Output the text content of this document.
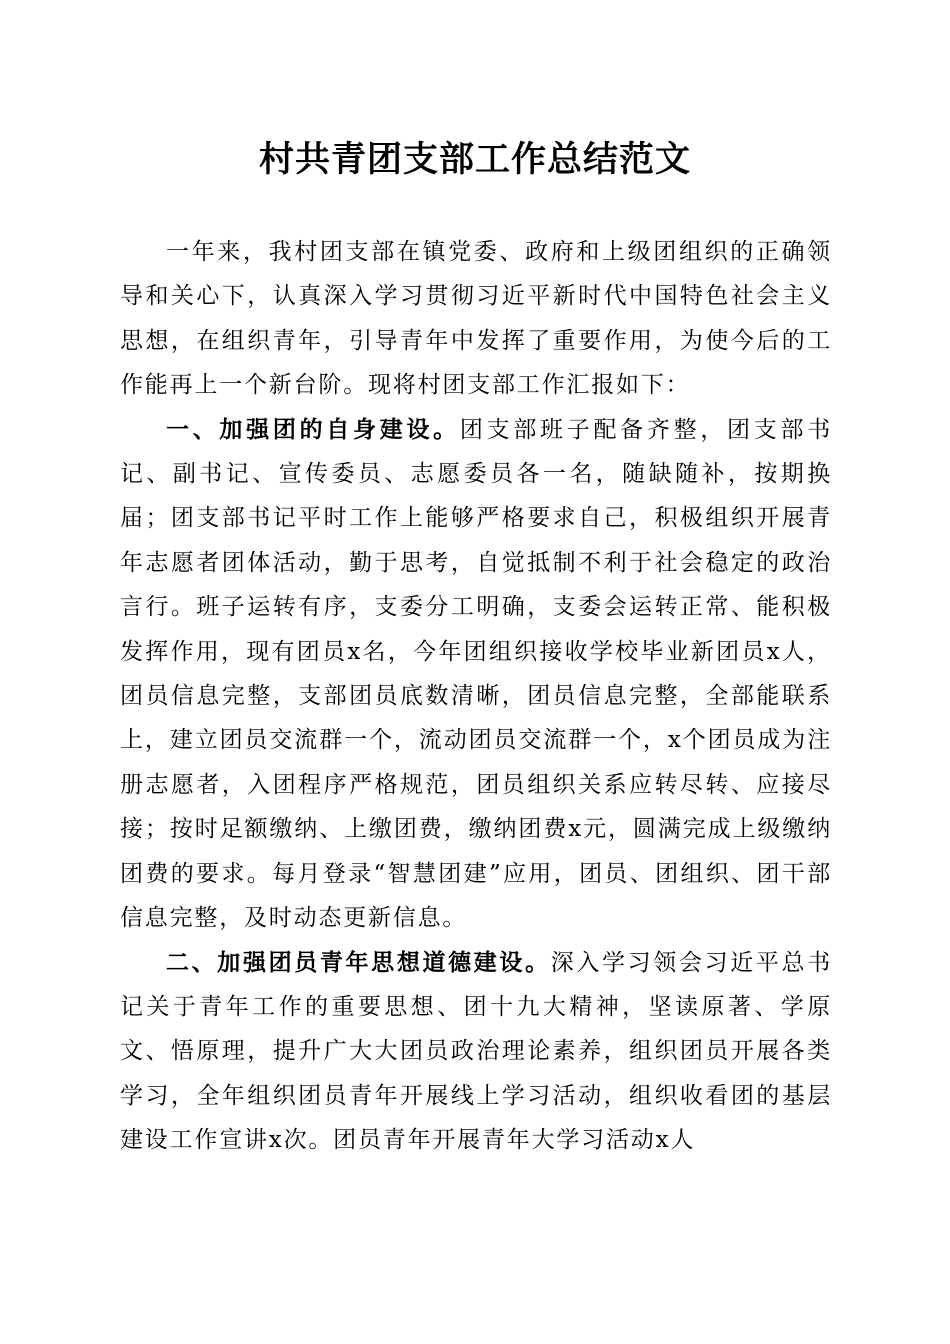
村共青团支部工作总结范文

一年来，我村团支部在镇党委、政府和上级团组织的正确领导和关心下，认真深入学习贯彻习近平新时代中国特色社会主义思想，在组织青年，引导青年中发挥了重要作用，为使今后的工作能再上一个新台阶。现将村团支部工作汇报如下：

一、加强团的自身建设。团支部班子配备齐整，团支部书记、副书记、宣传委员、志愿委员各一名，随缺随补，按期换届；团支部书记平时工作上能够严格要求自己，积极组织开展青年志愿者团体活动，勤于思考，自觉抵制不利于社会稳定的政治言行。班子运转有序，支委分工明确，支委会运转正常、能积极发挥作用，现有团员x名，今年团组织接收学校毕业新团员x人，团员信息完整，支部团员底数清晰，团员信息完整，全部能联系上，建立团员交流群一个，流动团员交流群一个，x个团员成为注册志愿者，入团程序严格规范，团员组织关系应转尽转、应接尽接；按时足额缴纳、上缴团费，缴纳团费x元，圆满完成上级缴纳团费的要求。每月登录“智慧团建”应用，团员、团组织、团干部信息完整，及时动态更新信息。

二、加强团员青年思想道德建设。深入学习领会习近平总书记关于青年工作的重要思想、团十九大精神，坚读原著、学原文、悟原理，提升广大大团员政治理论素养，组织团员开展各类学习，全年组织团员青年开展线上学习活动，组织收看团的基层建设工作宣讲x次。团员青年开展青年大学习活动x人
